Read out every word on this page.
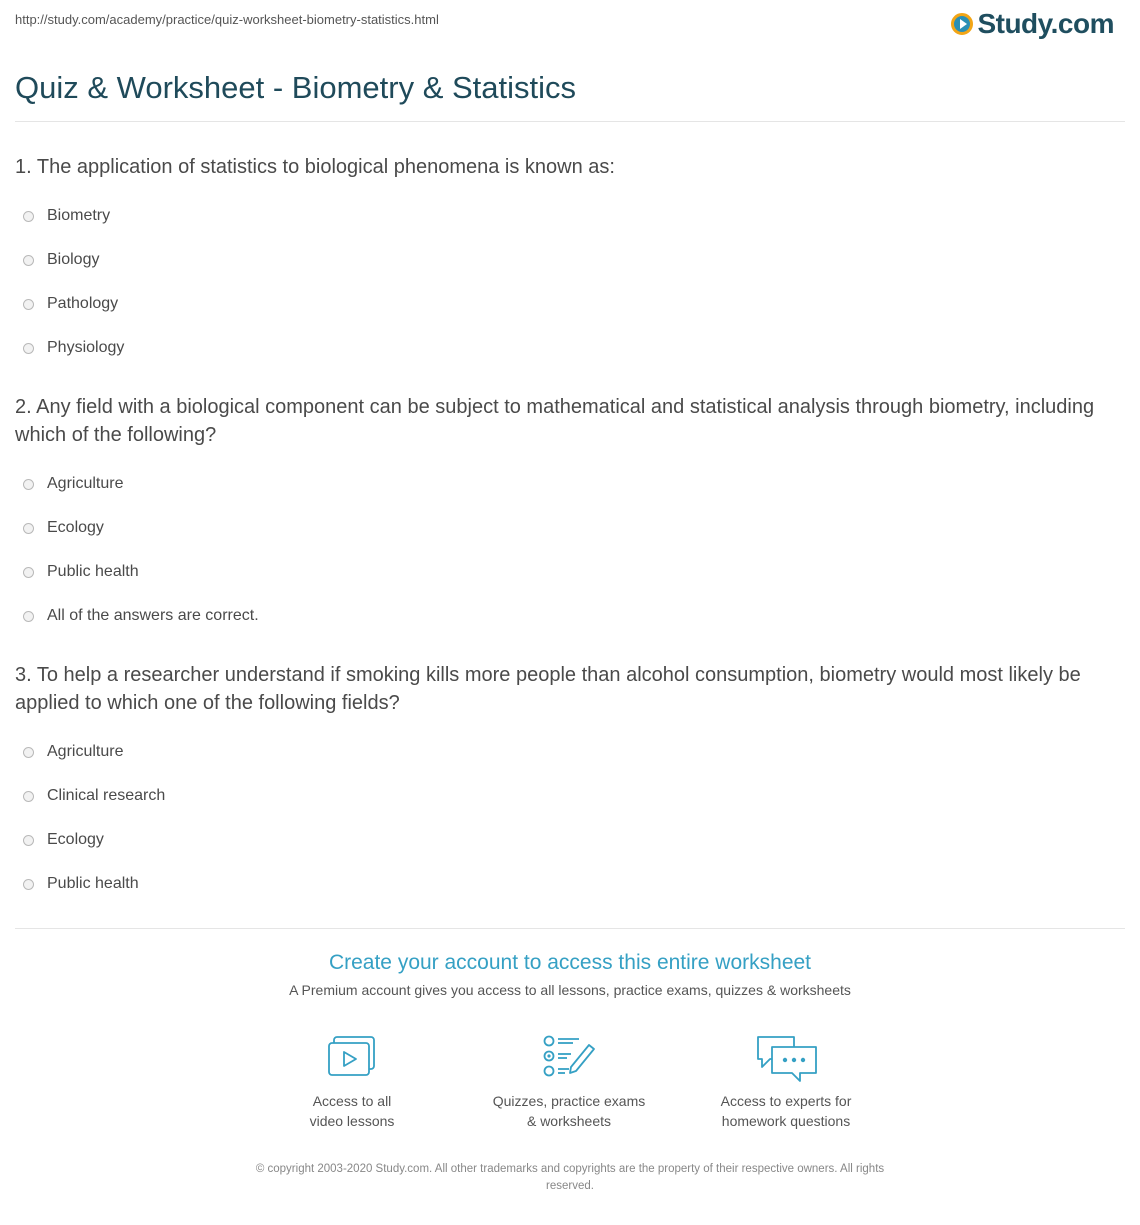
http://study.com/academy/practice/quiz-worksheet-biometry-statistics.html	Study.com
Quiz & Worksheet - Biometry & Statistics

1. The application of statistics to biological phenomena is known as:

Biometry
Biology
Pathology
Physiology

2. Any field with a biological component can be subject to mathematical and statistical analysis through biometry, including which of the following?

Agriculture
Ecology
Public health
All of the answers are correct.

3. To help a researcher understand if smoking kills more people than alcohol consumption, biometry would most likely be applied to which one of the following fields?

Agriculture
Clinical research
Ecology
Public health
Create your account to access this entire worksheet
A Premium account gives you access to all lessons, practice exams, quizzes & worksheets
Access to all
video lessons
Quizzes, practice exams
& worksheets
Access to experts for
homework questions
© copyright 2003-2020 Study.com. All other trademarks and copyrights are the property of their respective owners. All rights
reserved.
